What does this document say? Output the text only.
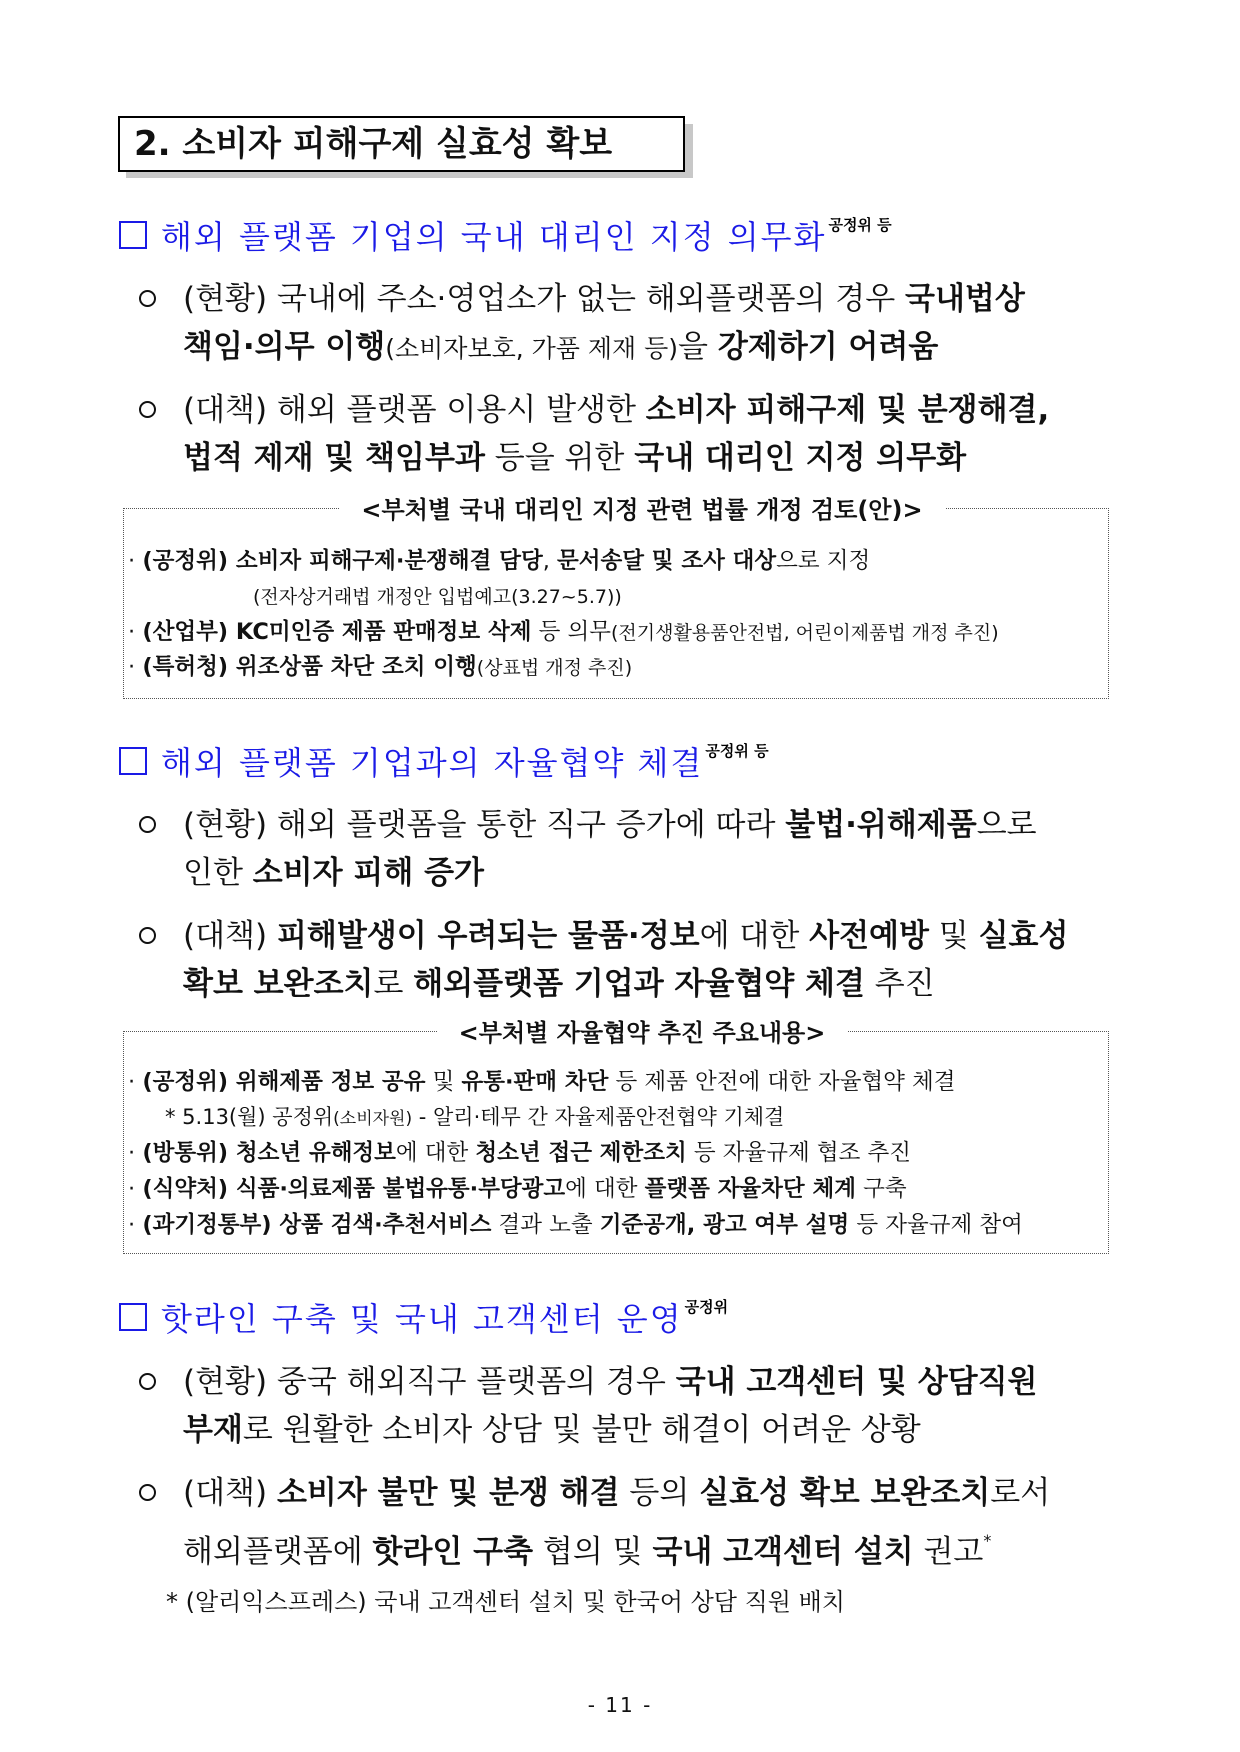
2. 소비자 피해구제 실효성 확보
해외 플랫폼 기업의 국내 대리인 지정 의무화 $^{공정위 등}$
(현황) 국내에 주소·영업소가 없는 해외플랫폼의 경우 국내법상
책임·의무 이행(소비자보호, 가품 제재 등)을 강제하기 어려움
(대책) 해외 플랫폼 이용시 발생한 소비자 피해구제 및 분쟁해결,
법적 제재 및 책임부과 등을 위한 국내 대리인 지정 의무화
<부처별 국내 대리인 지정 관련 법률 개정 검토(안)>
· (공정위) 소비자 피해구제·분쟁해결 담당, 문서송달 및 조사 대상으로 지정
(전자상거래법 개정안 입법예고(3.27~5.7))
· (산업부) KC미인증 제품 판매정보 삭제 등 의무(전기생활용품안전법, 어린이제품법 개정 추진)
· (특허청) 위조상품 차단 조치 이행(상표법 개정 추진)
해외 플랫폼 기업과의 자율협약 체결 $^{공정위 등}$
(현황) 해외 플랫폼을 통한 직구 증가에 따라 불법·위해제품으로
인한 소비자 피해 증가
(대책) 피해발생이 우려되는 물품·정보에 대한 사전예방 및 실효성
확보 보완조치로 해외플랫폼 기업과 자율협약 체결 추진
<부처별 자율협약 추진 주요내용>
· (공정위) 위해제품 정보 공유 및 유통·판매 차단 등 제품 안전에 대한 자율협약 체결
* 5.13(월) 공정위(소비자원) - 알리·테무 간 자율제품안전협약 기체결
· (방통위) 청소년 유해정보에 대한 청소년 접근 제한조치 등 자율규제 협조 추진
· (식약처) 식품·의료제품 불법유통·부당광고에 대한 플랫폼 자율차단 체계 구축
· (과기정통부) 상품 검색·추천서비스 결과 노출 기준공개, 광고 여부 설명 등 자율규제 참여
핫라인 구축 및 국내 고객센터 운영 $^{공정위}$
(현황) 중국 해외직구 플랫폼의 경우 국내 고객센터 및 상담직원
부재로 원활한 소비자 상담 및 불만 해결이 어려운 상황
(대책) 소비자 불만 및 분쟁 해결 등의 실효성 확보 보완조치로서
해외플랫폼에 핫라인 구축 협의 및 국내 고객센터 설치 권고*
* (알리익스프레스) 국내 고객센터 설치 및 한국어 상담 직원 배치
- 11 -
